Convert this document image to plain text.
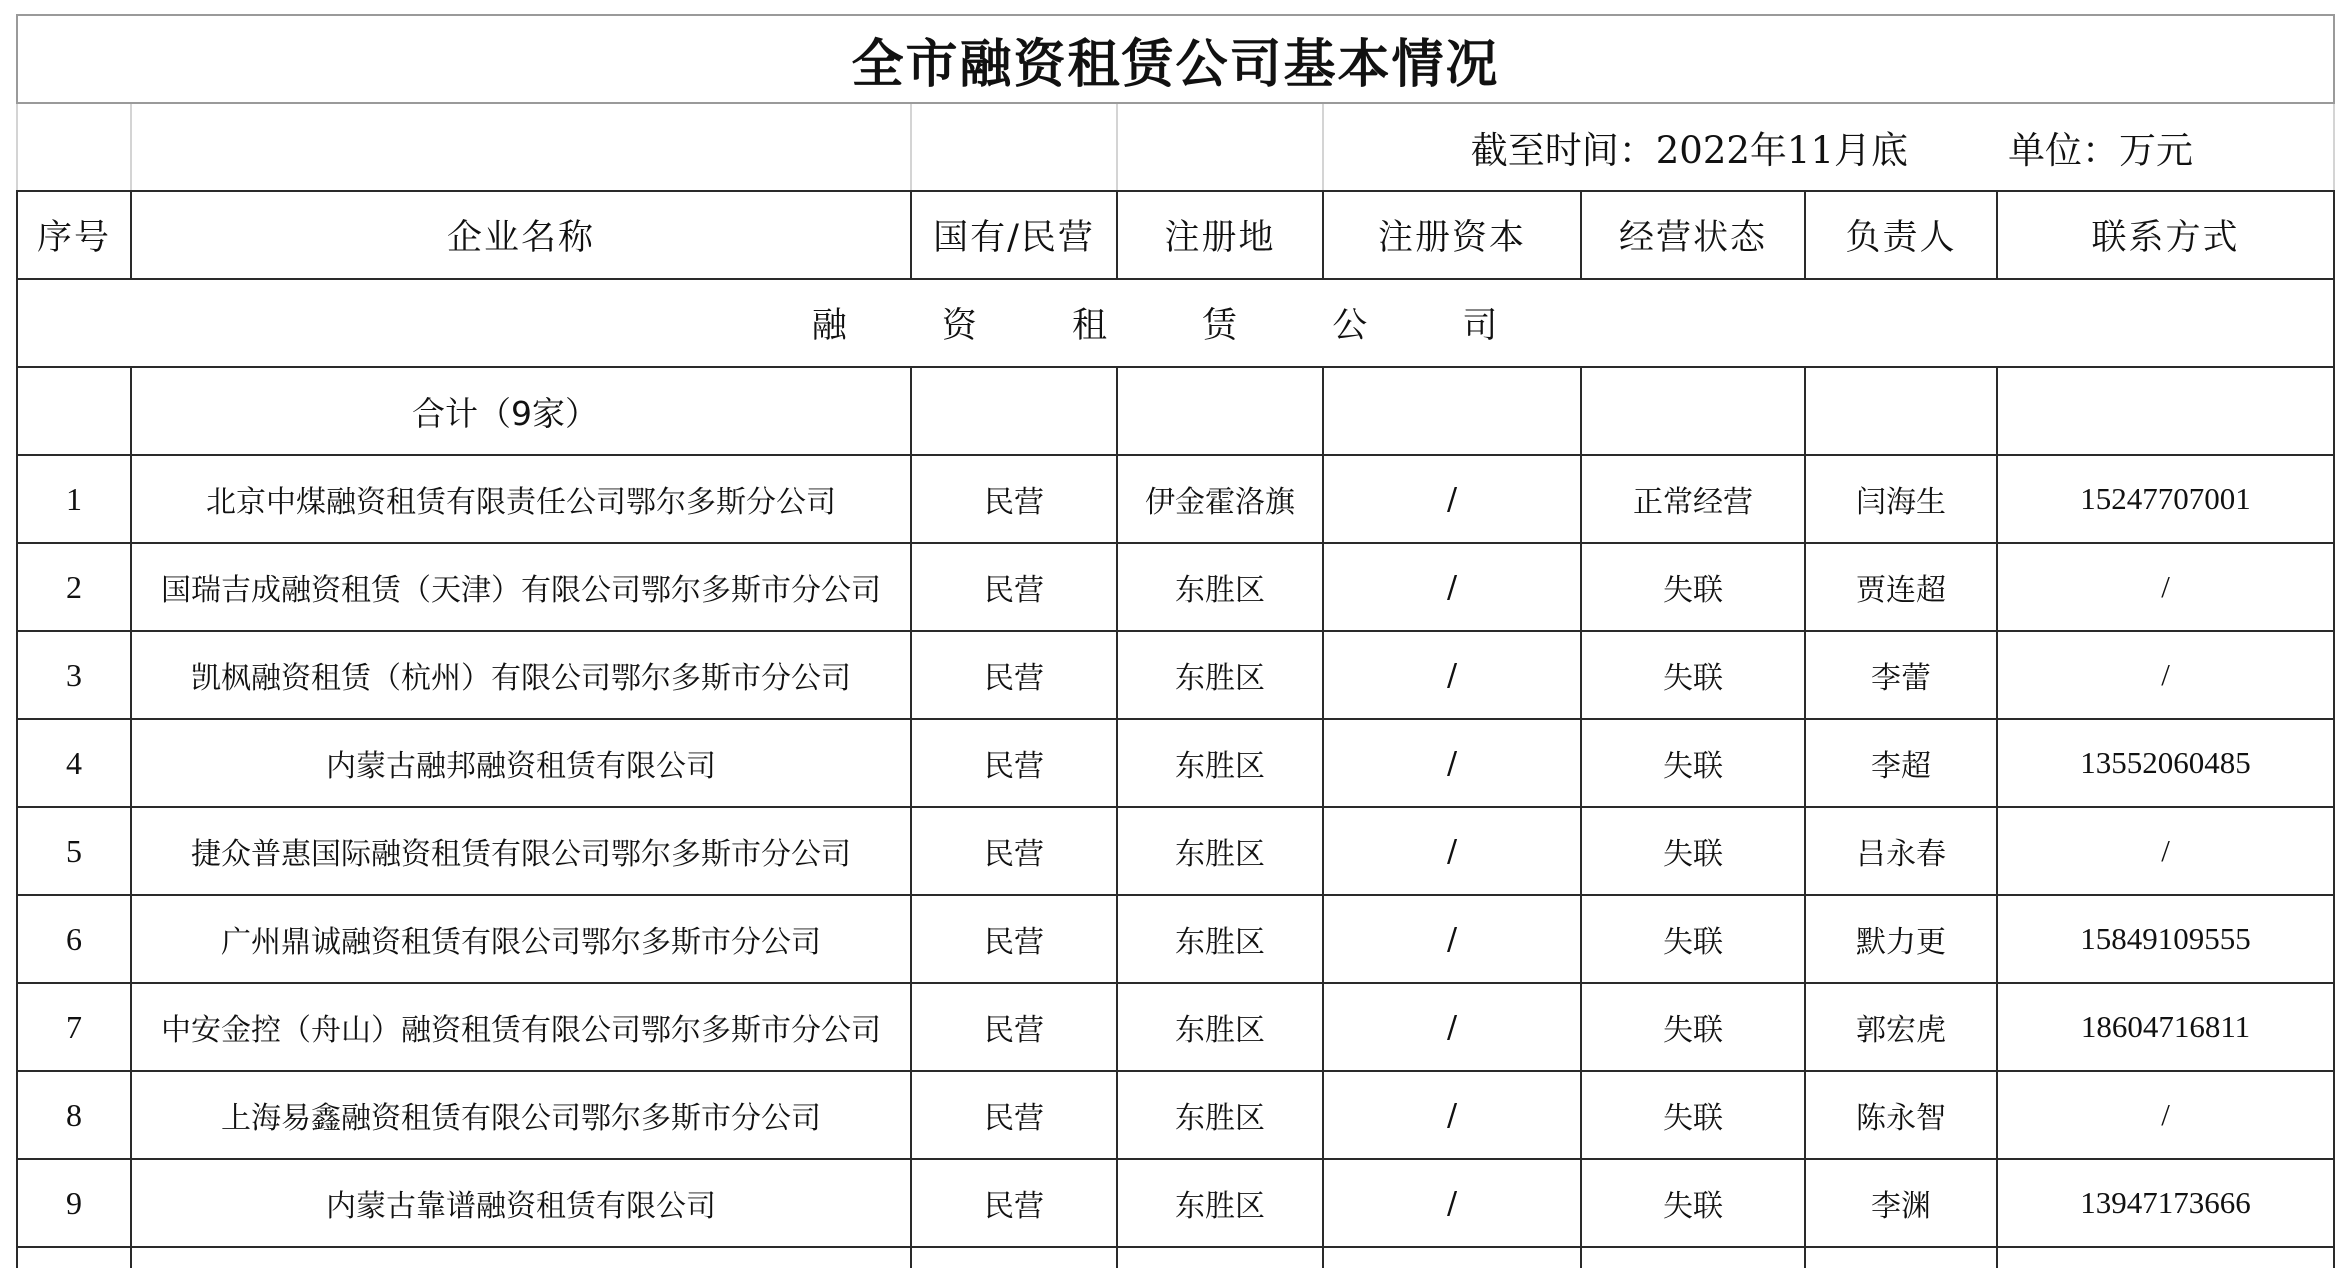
全市融资租赁公司基本情况							
				截至时间：2022年11月底 单位：万元			
序号	企业名称	国有/民营	注册地	注册资本	经营状态	负责人	联系方式
融 资 租 赁 公 司							
	合计（9家）						
1	北京中煤融资租赁有限责任公司鄂尔多斯分公司	民营	伊金霍洛旗	/	正常经营	闫海生	15247707001
2	国瑞吉成融资租赁（天津）有限公司鄂尔多斯市分公司	民营	东胜区	/	失联	贾连超	/
3	凯枫融资租赁（杭州）有限公司鄂尔多斯市分公司	民营	东胜区	/	失联	李蕾	/
4	内蒙古融邦融资租赁有限公司	民营	东胜区	/	失联	李超	13552060485
5	捷众普惠国际融资租赁有限公司鄂尔多斯市分公司	民营	东胜区	/	失联	吕永春	/
6	广州鼎诚融资租赁有限公司鄂尔多斯市分公司	民营	东胜区	/	失联	默力更	15849109555
7	中安金控（舟山）融资租赁有限公司鄂尔多斯市分公司	民营	东胜区	/	失联	郭宏虎	18604716811
8	上海易鑫融资租赁有限公司鄂尔多斯市分公司	民营	东胜区	/	失联	陈永智	/
9	内蒙古靠谱融资租赁有限公司	民营	东胜区	/	失联	李渊	13947173666
